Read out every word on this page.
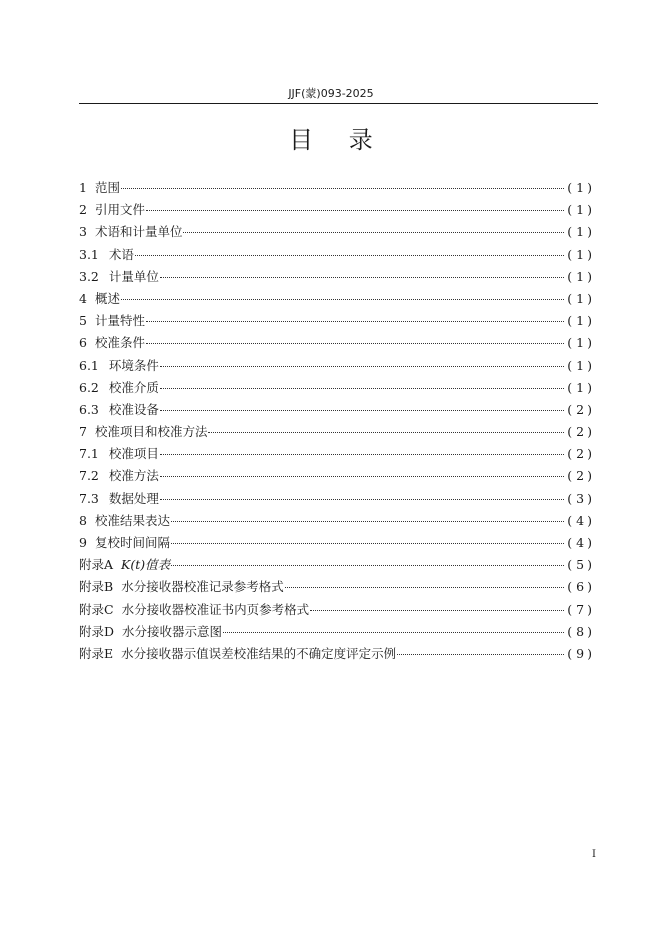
JJF(蒙)093-2025
目 录
1 范围	( 1 )
2 引用文件	( 1 )
3 术语和计量单位	( 1 )
3.1 术语	( 1 )
3.2 计量单位	( 1 )
4 概述	( 1 )
5 计量特性	( 1 )
6 校准条件	( 1 )
6.1 环境条件	( 1 )
6.2 校准介质	( 1 )
6.3 校准设备	( 2 )
7 校准项目和校准方法	( 2 )
7.1 校准项目	( 2 )
7.2 校准方法	( 2 )
7.3 数据处理	( 3 )
8 校准结果表达	( 4 )
9 复校时间间隔	( 4 )
附录A K(t)值表	( 5 )
附录B 水分接收器校准记录参考格式	( 6 )
附录C 水分接收器校准证书内页参考格式	( 7 )
附录D 水分接收器示意图	( 8 )
附录E 水分接收器示值误差校准结果的不确定度评定示例	( 9 )
I
